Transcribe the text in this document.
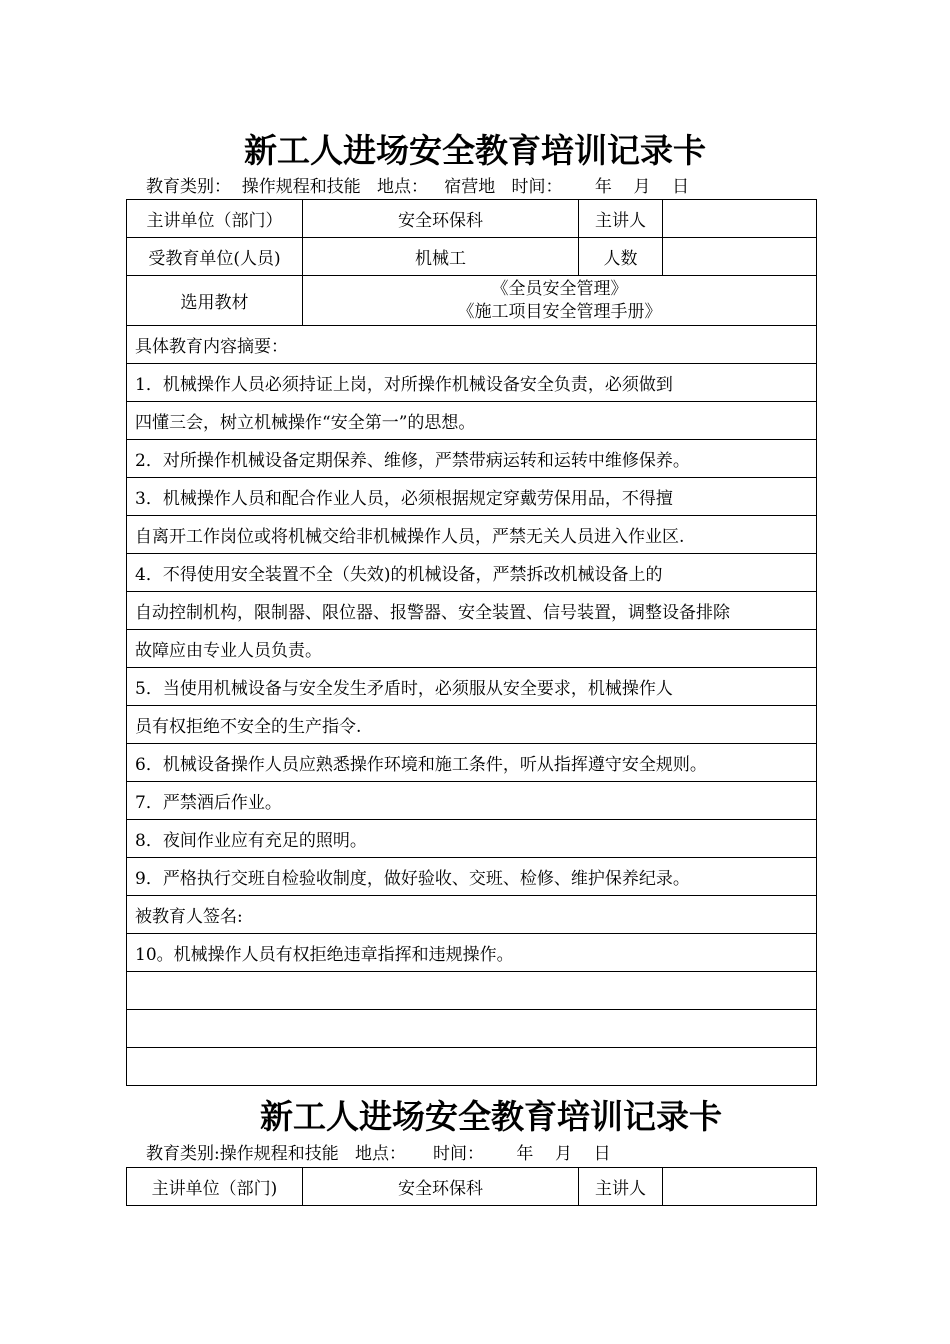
新工人进场安全教育培训记录卡
教育类别：  操作规程和技能   地点：   宿营地   时间：      年    月    日
主讲单位（部门）	安全环保科	主讲人	
受教育单位(人员)	机械工	人数	
选用教材	《全员安全管理》
《施工项目安全管理手册》		

具体教育内容摘要：			
1．机械操作人员必须持证上岗，对所操作机械设备安全负责，必须做到			
四懂三会，树立机械操作“安全第一”的思想。			
2．对所操作机械设备定期保养、维修，严禁带病运转和运转中维修保养。			
3．机械操作人员和配合作业人员，必须根据规定穿戴劳保用品，不得擅			
自离开工作岗位或将机械交给非机械操作人员，严禁无关人员进入作业区.			
4．不得使用安全装置不全（失效)的机械设备，严禁拆改机械设备上的			
自动控制机构，限制器、限位器、报警器、安全装置、信号装置，调整设备排除			
故障应由专业人员负责。			
5．当使用机械设备与安全发生矛盾时，必须服从安全要求，机械操作人			
员有权拒绝不安全的生产指令.			
6．机械设备操作人员应熟悉操作环境和施工条件，听从指挥遵守安全规则。			
7．严禁酒后作业。			
8．夜间作业应有充足的照明。			
9．严格执行交班自检验收制度，做好验收、交班、检修、维护保养纪录。			
被教育人签名:			
10。机械操作人员有权拒绝违章指挥和违规操作。			

新工人进场安全教育培训记录卡
教育类别:操作规程和技能   地点：     时间：      年    月    日
主讲单位（部门)	安全环保科	主讲人	
